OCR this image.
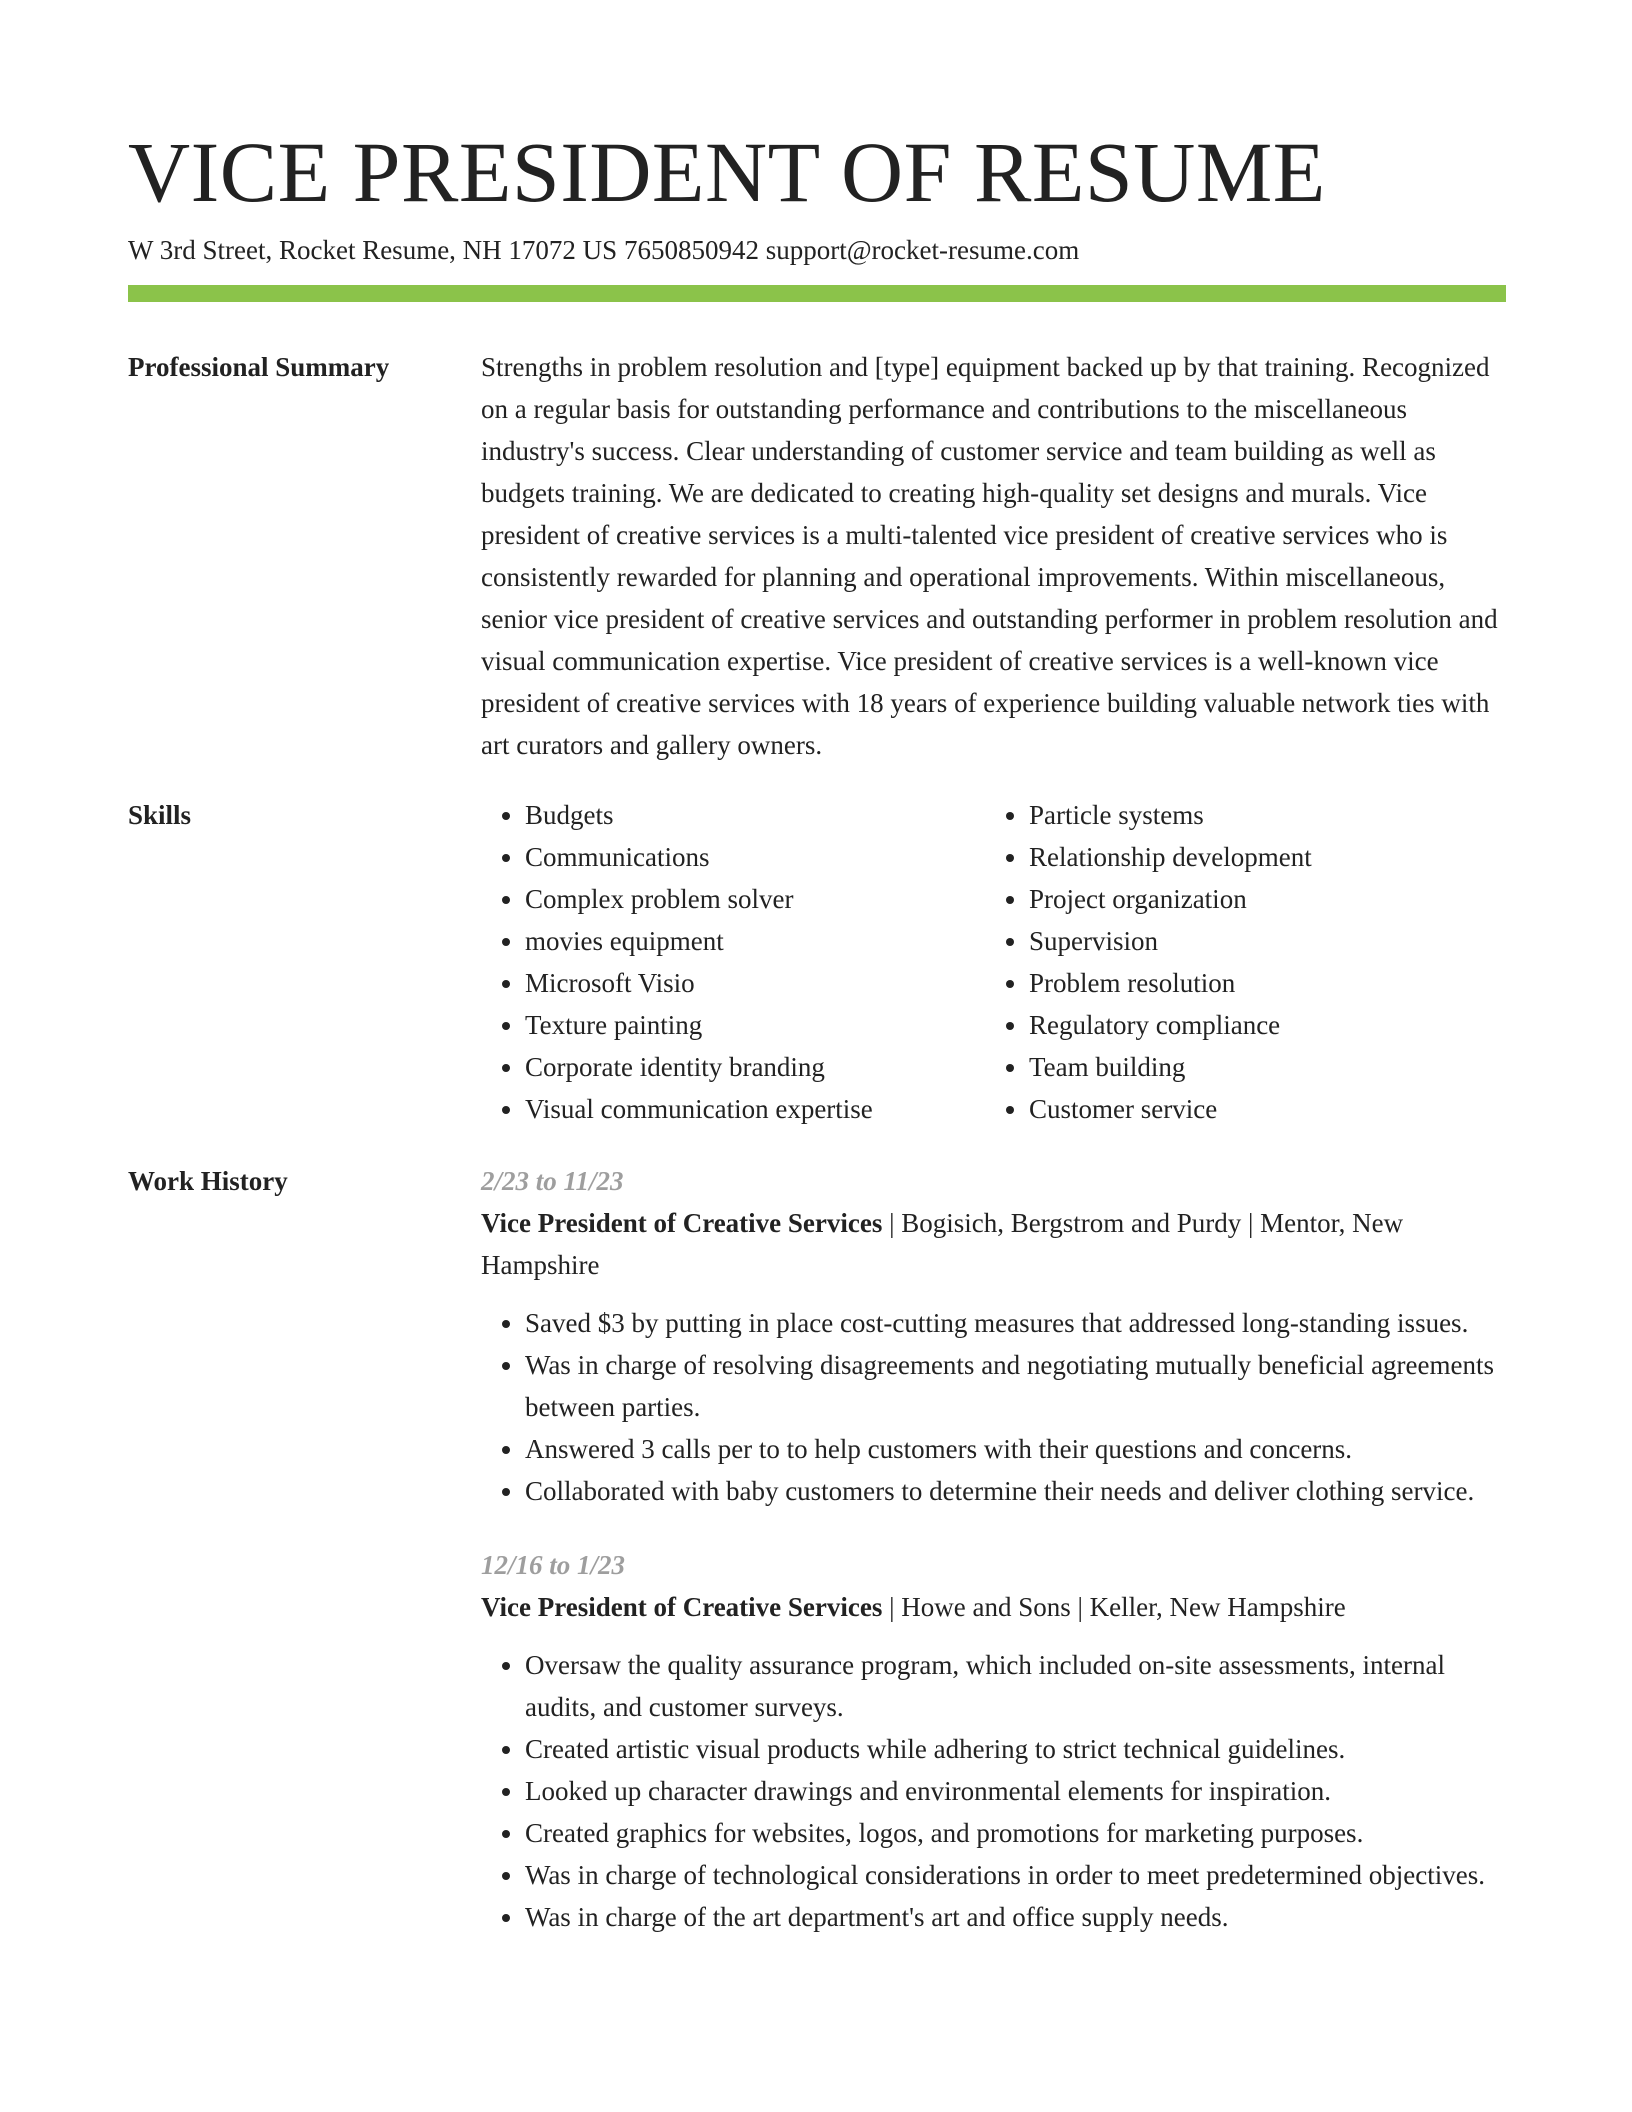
VICE PRESIDENT OF RESUME
W 3rd Street, Rocket Resume, NH 17072 US 7650850942 support@rocket-resume.com
Professional Summary	Strengths in problem resolution and [type] equipment backed up by that training. Recognized on a regular basis for outstanding performance and contributions to the miscellaneous industry's success. Clear understanding of customer service and team building as well as budgets training. We are dedicated to creating high-quality set designs and murals. Vice president of creative services is a multi-talented vice president of creative services who is consistently rewarded for planning and operational improvements. Within miscellaneous, senior vice president of creative services and outstanding performer in problem resolution and visual communication expertise. Vice president of creative services is a well-known vice president of creative services with 18 years of experience building valuable network ties with art curators and gallery owners.

Skills
•	Budgets
• Communications
• Complex problem solver
• movies equipment
• Microsoft Visio
• Texture painting
• Corporate identity branding
• Visual communication expertise
• Particle systems
• Relationship development
• Project organization
• Supervision
• Problem resolution
• Regulatory compliance
• Team building
• Customer service
Work History	2/23 to 11/23
Vice President of Creative Services | Bogisich, Bergstrom and Purdy | Mentor, New Hampshire
• Saved $3 by putting in place cost-cutting measures that addressed long-standing issues.
• Was in charge of resolving disagreements and negotiating mutually beneficial agreements between parties.
• Answered 3 calls per to to help customers with their questions and concerns.
• Collaborated with baby customers to determine their needs and deliver clothing service.
12/16 to 1/23
Vice President of Creative Services | Howe and Sons | Keller, New Hampshire
• Oversaw the quality assurance program, which included on-site assessments, internal audits, and customer surveys.
• Created artistic visual products while adhering to strict technical guidelines.
• Looked up character drawings and environmental elements for inspiration.
• Created graphics for websites, logos, and promotions for marketing purposes.
• Was in charge of technological considerations in order to meet predetermined objectives.
• Was in charge of the art department's art and office supply needs.
